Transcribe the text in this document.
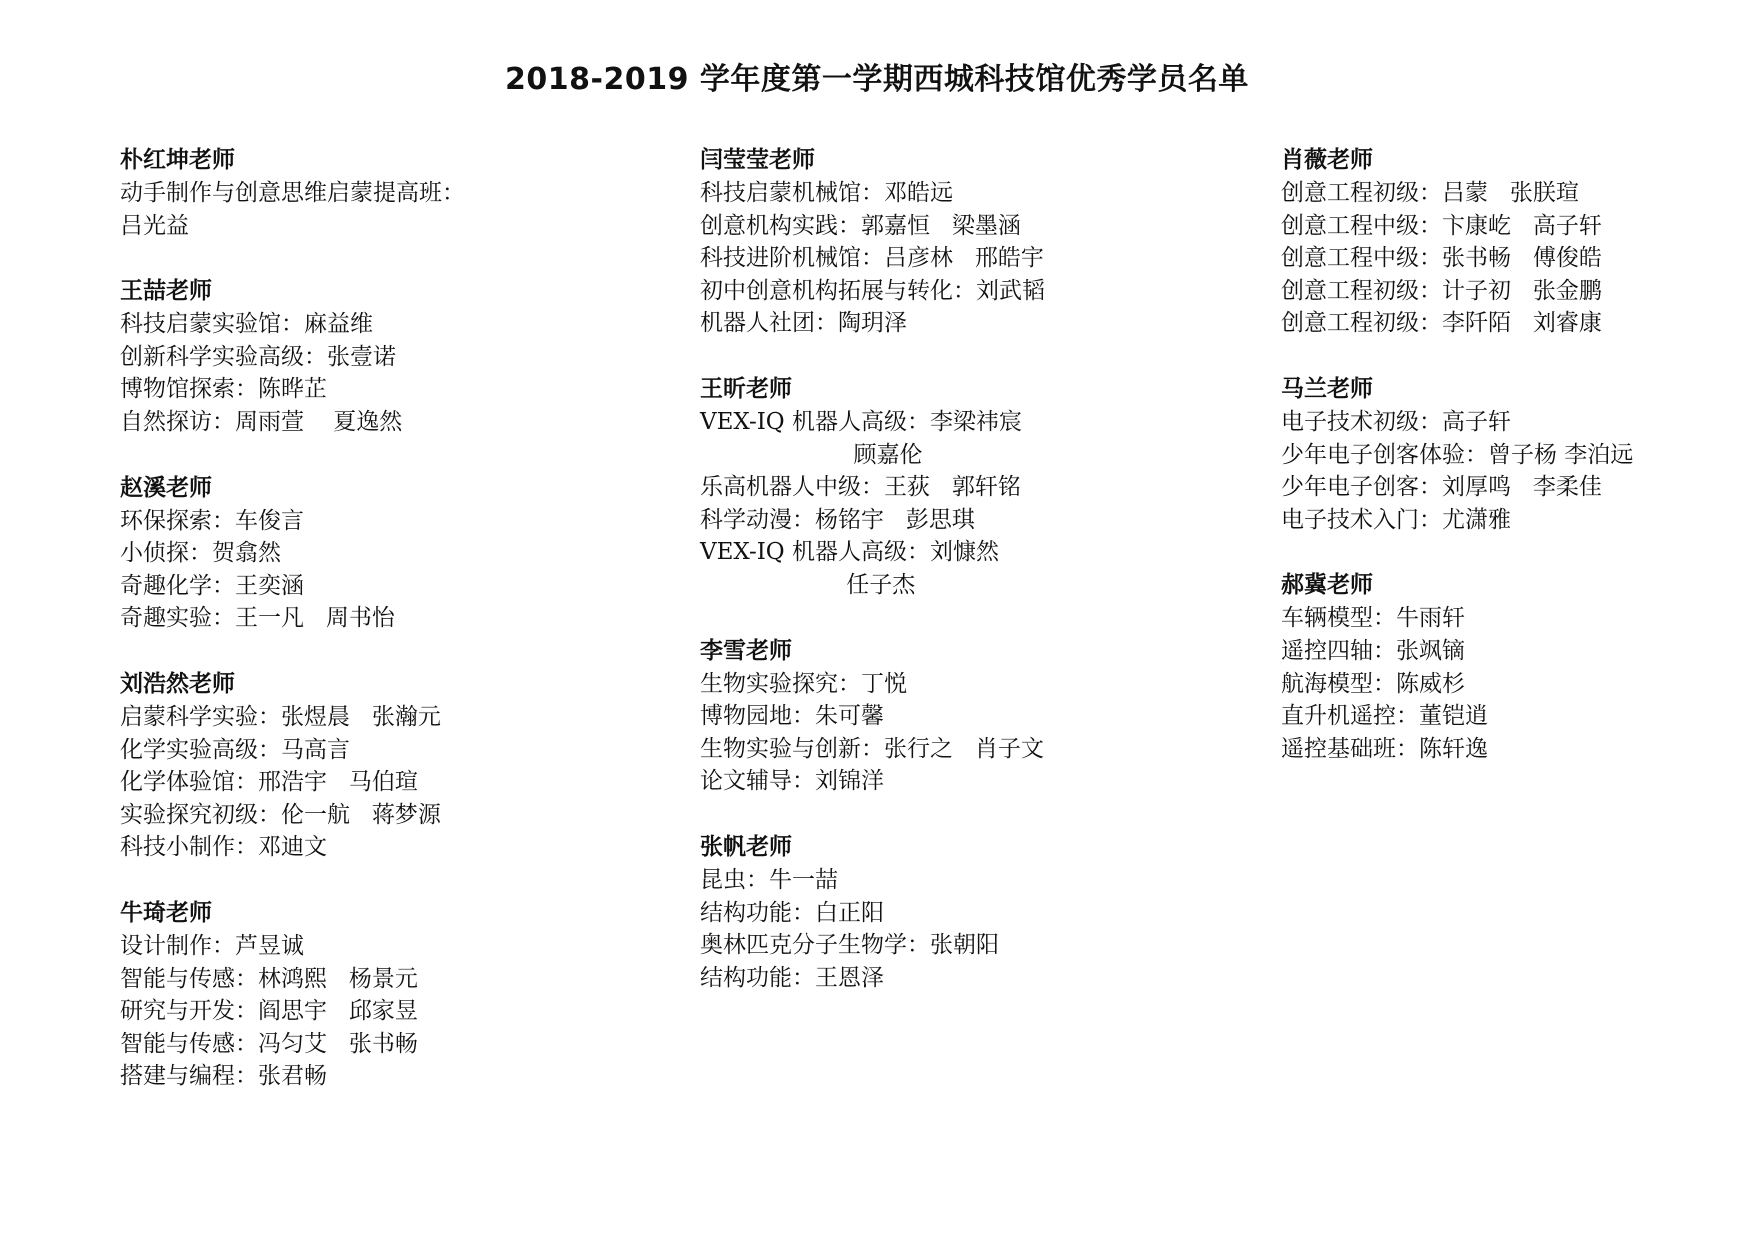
2018-2019 学年度第一学期西城科技馆优秀学员名单
朴红坤老师
动手制作与创意思维启蒙提高班：
吕光益
王喆老师
科技启蒙实验馆：麻益维
创新科学实验高级：张壹诺
博物馆探索：陈晔芷
自然探访：周雨萱    夏逸然
赵溪老师
环保探索：车俊言
小侦探：贺翕然
奇趣化学：王奕涵
奇趣实验：王一凡   周书怡
刘浩然老师
启蒙科学实验：张煜晨   张瀚元
化学实验高级：马高言
化学体验馆：邢浩宇   马伯瑄
实验探究初级：伦一航   蒋梦源
科技小制作：邓迪文
牛琦老师
设计制作：芦昱诚
智能与传感：林鸿熙   杨景元
研究与开发：阎思宇   邱家昱
智能与传感：冯匀艾   张书畅
搭建与编程：张君畅
闫莹莹老师
科技启蒙机械馆：邓皓远
创意机构实践：郭嘉恒   梁墨涵
科技进阶机械馆：吕彦林   邢皓宇
初中创意机构拓展与转化：刘武韬
机器人社团：陶玥泽
王昕老师
VEX-IQ 机器人高级：李梁祎宸
顾嘉伦
乐高机器人中级：王荻   郭轩铭
科学动漫：杨铭宇   彭思琪
VEX-IQ 机器人高级：刘慷然
任子杰
李雪老师
生物实验探究：丁悦
博物园地：朱可馨
生物实验与创新：张行之   肖子文
论文辅导：刘锦洋
张帆老师
昆虫：牛一喆
结构功能：白正阳
奥林匹克分子生物学：张朝阳
结构功能：王恩泽
肖薇老师
创意工程初级：吕蒙   张朕瑄
创意工程中级：卞康屹   高子轩
创意工程中级：张书畅   傅俊皓
创意工程初级：计子初   张金鹏
创意工程初级：李阡陌   刘睿康
马兰老师
电子技术初级：高子轩
少年电子创客体验：曾子杨 李泊远
少年电子创客：刘厚鸣   李柔佳
电子技术入门：尤潇雅
郝冀老师
车辆模型：牛雨轩
遥控四轴：张飒镝
航海模型：陈威杉
直升机遥控：董铠逍
遥控基础班：陈轩逸
